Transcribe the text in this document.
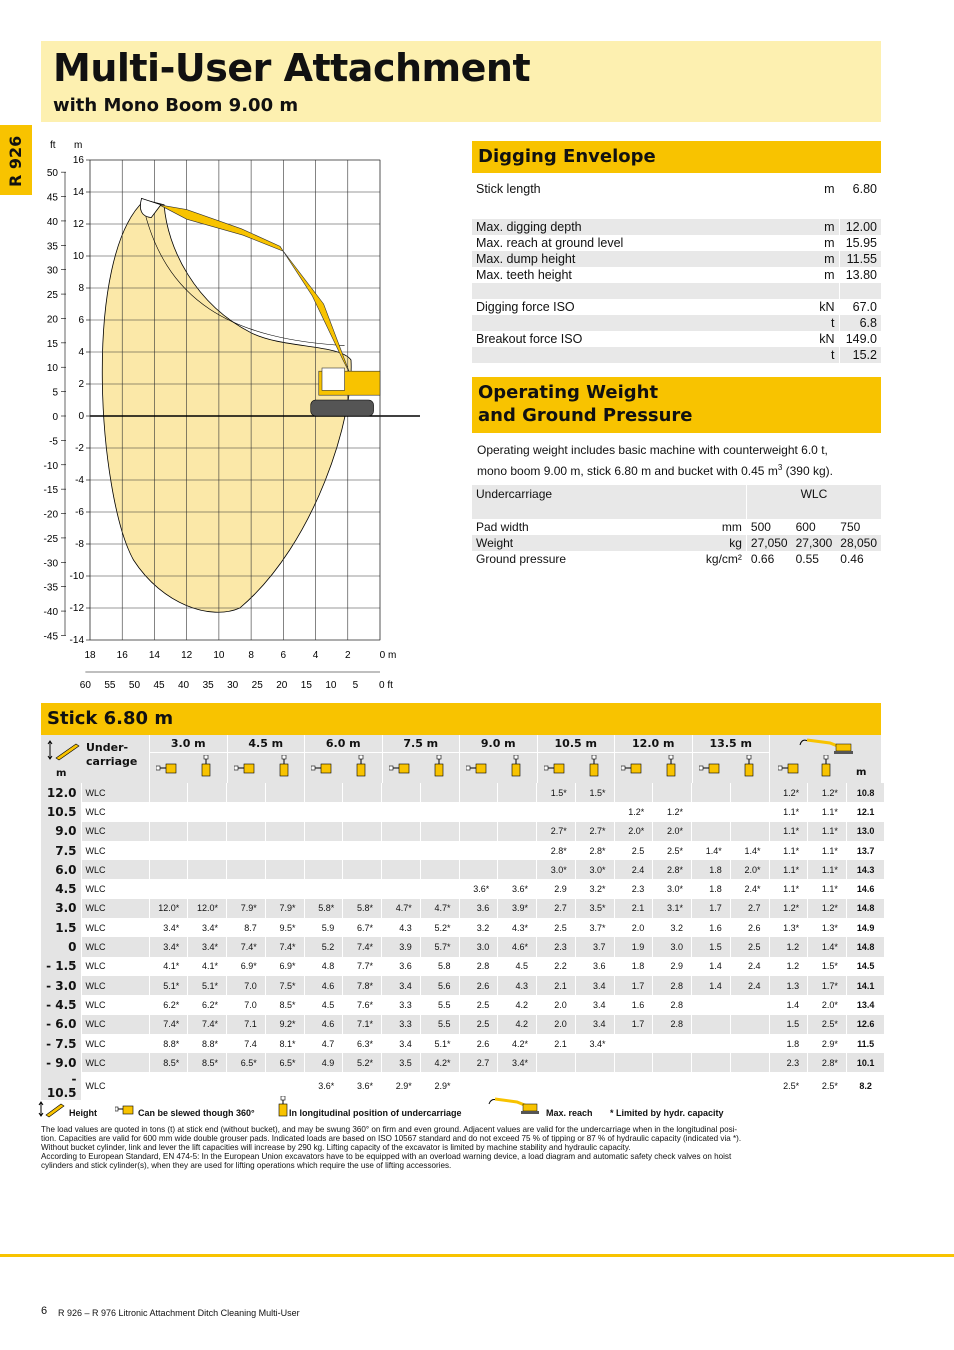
Multi-User Attachment
with Mono Boom 9.00 m
R 926	ft m
16
14
12
10
8
6
4
2
0
-2
-4
-6
-8
-10
-12
-14
50
45
40
35
30
25
20
15
10
5
0
-5
-10
-15
-20
-25
-30
-35
-40
-45
18 16 14 12 10 8	6	4	2	0 m
60 55 50 45 40 35 30 25 20 15 10 5 0 ft
Digging Envelope
Stick length	m	6.80

Max. digging depth	m	12.00
Max. reach at ground level	m	15.95
Max. dump height	m	11.55
Max. teeth height	m	13.80

Digging force ISO	kN	67.0
	t	6.8
Breakout force ISO	kN	149.0
	t	15.2
Operating Weight
and Ground Pressure
Operating weight includes basic machine with counterweight 6.0 t,
mono boom 9.00 m, stick 6.80 m and bucket with 0.45 $m^3$ (390 kg).
Undercarriage		WLC		
Pad width	mm	500	600	750
Weight	kg	27,050	27,300	28,050
Ground pressure	kg/cm²	0.66	0.55	0.46
Stick 6.80 m
Under-
carriage
m
3.0 m	4.5 m	6.0 m	7.5 m	9.0 m	10.5 m	12.0 m	13.5 m
m
12.0	WLC											1.5*	1.5*					1.2*	1.2*	10.8
10.5	WLC													1.2*	1.2*			1.1*	1.1*	12.1
9.0	WLC											2.7*	2.7*	2.0*	2.0*			1.1*	1.1*	13.0
7.5	WLC											2.8*	2.8*	2.5	2.5*	1.4*	1.4*	1.1*	1.1*	13.7
6.0	WLC											3.0*	3.0*	2.4	2.8*	1.8	2.0*	1.1*	1.1*	14.3
4.5	WLC									3.6*	3.6*	2.9	3.2*	2.3	3.0*	1.8	2.4*	1.1*	1.1*	14.6
3.0	WLC	12.0*	12.0*	7.9*	7.9*	5.8*	5.8*	4.7*	4.7*	3.6	3.9*	2.7	3.5*	2.1	3.1*	1.7	2.7	1.2*	1.2*	14.8
1.5	WLC	3.4*	3.4*	8.7	9.5*	5.9	6.7*	4.3	5.2*	3.2	4.3*	2.5	3.7*	2.0	3.2	1.6	2.6	1.3*	1.3*	14.9
0	WLC	3.4*	3.4*	7.4*	7.4*	5.2	7.4*	3.9	5.7*	3.0	4.6*	2.3	3.7	1.9	3.0	1.5	2.5	1.2	1.4*	14.8
- 1.5	WLC	4.1*	4.1*	6.9*	6.9*	4.8	7.7*	3.6	5.8	2.8	4.5	2.2	3.6	1.8	2.9	1.4	2.4	1.2	1.5*	14.5
- 3.0	WLC	5.1*	5.1*	7.0	7.5*	4.6	7.8*	3.4	5.6	2.6	4.3	2.1	3.4	1.7	2.8	1.4	2.4	1.3	1.7*	14.1
- 4.5	WLC	6.2*	6.2*	7.0	8.5*	4.5	7.6*	3.3	5.5	2.5	4.2	2.0	3.4	1.6	2.8			1.4	2.0*	13.4
- 6.0	WLC	7.4*	7.4*	7.1	9.2*	4.6	7.1*	3.3	5.5	2.5	4.2	2.0	3.4	1.7	2.8			1.5	2.5*	12.6
- 7.5	WLC	8.8*	8.8*	7.4	8.1*	4.7	6.3*	3.4	5.1*	2.6	4.2*	2.1	3.4*					1.8	2.9*	11.5
- 9.0	WLC	8.5*	8.5*	6.5*	6.5*	4.9	5.2*	3.5	4.2*	2.7	3.4*							2.3	2.8*	10.1
- 10.5	WLC					3.6*	3.6*	2.9*	2.9*									2.5*	2.5*	8.2
Height	Can be slewed though 360°	In longitudinal position of undercarriage	Max. reach * Limited by hydr. capacity
The load values are quoted in tons (t) at stick end (without bucket), and may be swung 360° on firm and even ground. Adjacent values are valid for the undercarriage when in the longitudinal posi-
tion. Capacities are valid for 600 mm wide double grouser pads. Indicated loads are based on ISO 10567 standard and do not exceed 75 % of tipping or 87 % of hydraulic capacity (indicated via *).
Without bucket cylinder, link and lever the lift capacities will increase by 290 kg. Lifting capacity of the excavator is limited by machine stability and hydraulic capacity.
According to European Standard, EN 474-5: In the European Union excavators have to be equipped with an overload warning device, a load diagram and automatic safety check valves on hoist
cylinders and stick cylinder(s), when they are used for lifting operations which require the use of lifting accessories.
6 R 926 – R 976 Litronic Attachment Ditch Cleaning Multi-User
